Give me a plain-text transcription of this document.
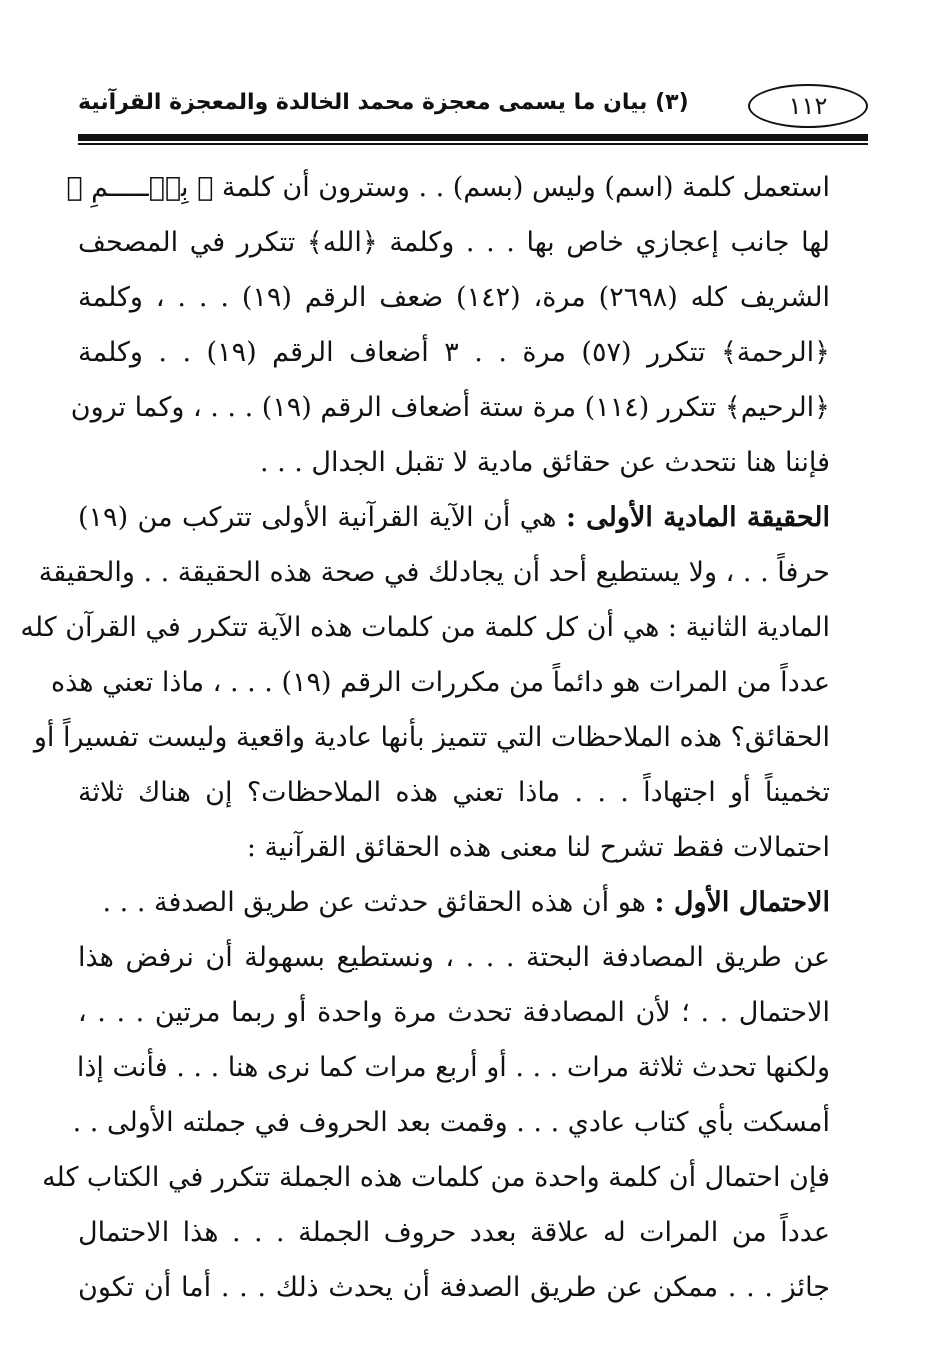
(٣) بيان ما يسمى معجزة محمد الخالدة والمعجزة القرآنية	١١٢
استعمل كلمة (اسم) وليس (بسم) . . وسترون أن كلمة ﴿ بِسۡـــــمِ ﴾
لها جانب إعجازي خاص بها . . . وكلمة ﴿الله﴾ تتكرر في المصحف
الشريف كله (٢٦٩٨) مرة، (١٤٢) ضعف الرقم (١٩) . . . ، وكلمة
﴿الرحمة﴾ تتكرر (٥٧) مرة . . ٣ أضعاف الرقم (١٩) . . وكلمة
﴿الرحيم﴾ تتكرر (١١٤) مرة ستة أضعاف الرقم (١٩) . . . ، وكما ترون
فإننا هنا نتحدث عن حقائق مادية لا تقبل الجدال . . .
الحقيقة المادية الأولى : هي أن الآية القرآنية الأولى تتركب من (١٩)
حرفاً . . ، ولا يستطيع أحد أن يجادلك في صحة هذه الحقيقة . . والحقيقة
المادية الثانية : هي أن كل كلمة من كلمات هذه الآية تتكرر في القرآن كله
عدداً من المرات هو دائماً من مكررات الرقم (١٩) . . . ، ماذا تعني هذه
الحقائق؟ هذه الملاحظات التي تتميز بأنها عادية واقعية وليست تفسيراً أو
تخميناً أو اجتهاداً . . . ماذا تعني هذه الملاحظات؟ إن هناك ثلاثة
احتمالات فقط تشرح لنا معنى هذه الحقائق القرآنية :
الاحتمال الأول : هو أن هذه الحقائق حدثت عن طريق الصدفة . . .
عن طريق المصادفة البحتة . . . ، ونستطيع بسهولة أن نرفض هذا
الاحتمال . . ؛ لأن المصادفة تحدث مرة واحدة أو ربما مرتين . . . ،
ولكنها تحدث ثلاثة مرات . . . أو أربع مرات كما نرى هنا . . . فأنت إذا
أمسكت بأي كتاب عادي . . . وقمت بعد الحروف في جملته الأولى . .
فإن احتمال أن كلمة واحدة من كلمات هذه الجملة تتكرر في الكتاب كله
عدداً من المرات له علاقة بعدد حروف الجملة . . . هذا الاحتمال
جائز . . . ممكن عن طريق الصدفة أن يحدث ذلك . . . أما أن تكون
